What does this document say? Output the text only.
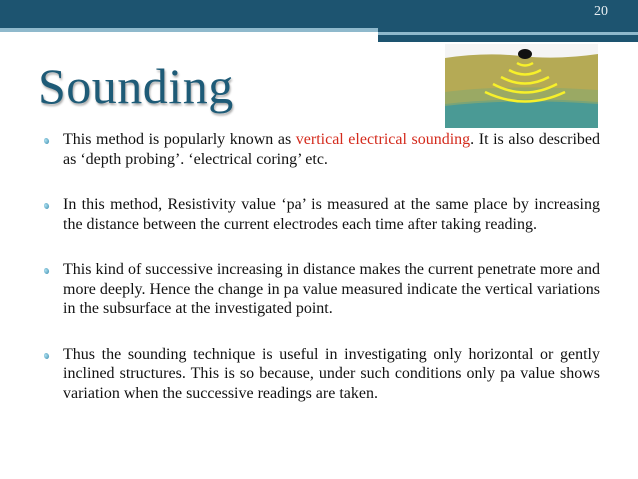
20
Sounding
This method is popularly known as vertical electrical sounding. It is also described as ‘depth probing’. ‘electrical coring’ etc.
In this method, Resistivity value ‘pa’ is measured at the same place by increasing the distance between the current electrodes each time after taking reading.
This kind of successive increasing in distance makes the current penetrate more and more deeply. Hence the change in pa value measured indicate the vertical variations in the subsurface at the investigated point.
Thus the sounding technique is useful in investigating only horizontal or gently inclined structures. This is so because, under such conditions only pa value shows variation when the successive readings are taken.
